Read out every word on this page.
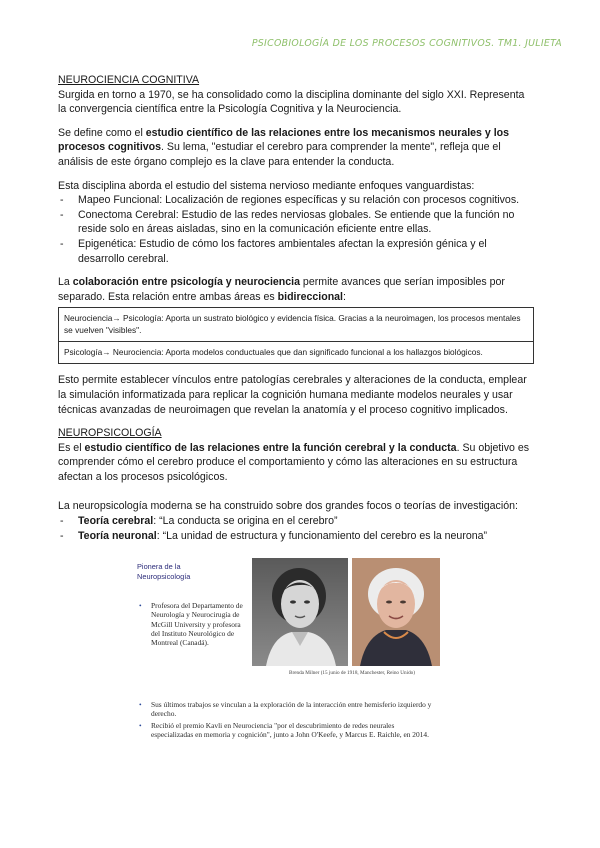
PSICOBIOLOGÍA DE LOS PROCESOS COGNITIVOS. TM1. JULIETA

NEUROCIENCIA COGNITIVA

Surgida en torno a 1970, se ha consolidado como la disciplina dominante del siglo XXI. Representa la convergencia científica entre la Psicología Cognitiva y la Neurociencia.

Se define como el estudio científico de las relaciones entre los mecanismos neurales y los procesos cognitivos. Su lema, "estudiar el cerebro para comprender la mente", refleja que el análisis de este órgano complejo es la clave para entender la conducta.

Esta disciplina aborda el estudio del sistema nervioso mediante enfoques vanguardistas:

- Mapeo Funcional: Localización de regiones específicas y su relación con procesos cognitivos.
- Conectoma Cerebral: Estudio de las redes nerviosas globales. Se entiende que la función no reside solo en áreas aisladas, sino en la comunicación eficiente entre ellas.
- Epigenética: Estudio de cómo los factores ambientales afectan la expresión génica y el desarrollo cerebral.

La colaboración entre psicología y neurociencia permite avances que serían imposibles por separado. Esta relación entre ambas áreas es bidireccional:

Neurociencia→ Psicología: Aporta un sustrato biológico y evidencia física. Gracias a la neuroimagen, los procesos mentales se vuelven "visibles".
Psicología→ Neurociencia: Aporta modelos conductuales que dan significado funcional a los hallazgos biológicos.

Esto permite establecer vínculos entre patologías cerebrales y alteraciones de la conducta, emplear la simulación informatizada para replicar la cognición humana mediante modelos neurales y usar técnicas avanzadas de neuroimagen que revelan la anatomía y el proceso cognitivo implicados.

NEUROPSICOLOGÍA

Es el estudio científico de las relaciones entre la función cerebral y la conducta. Su objetivo es comprender cómo el cerebro produce el comportamiento y cómo las alteraciones en su estructura afectan a los procesos psicológicos.

La neuropsicología moderna se ha construido sobre dos grandes focos o teorías de investigación:

- Teoría cerebral: “La conducta se origina en el cerebro”
- Teoría neuronal: “La unidad de estructura y funcionamiento del cerebro es la neurona”
Pionera de la
Neuropsicología
• Profesora del Departamento de Neurología y Neurocirugía de McGill University y profesora del Instituto Neurológico de Montreal (Canadá).
Brenda Milner (15 junio de 1918, Manchester, Reino Unido)
• Sus últimos trabajos se vinculan a la exploración de la interacción entre hemisferio izquierdo y derecho.
• Recibió el premio Kavli en Neurociencia "por el descubrimiento de redes neurales especializadas en memoria y cognición", junto a John O'Keefe, y Marcus E. Raichle, en 2014.
